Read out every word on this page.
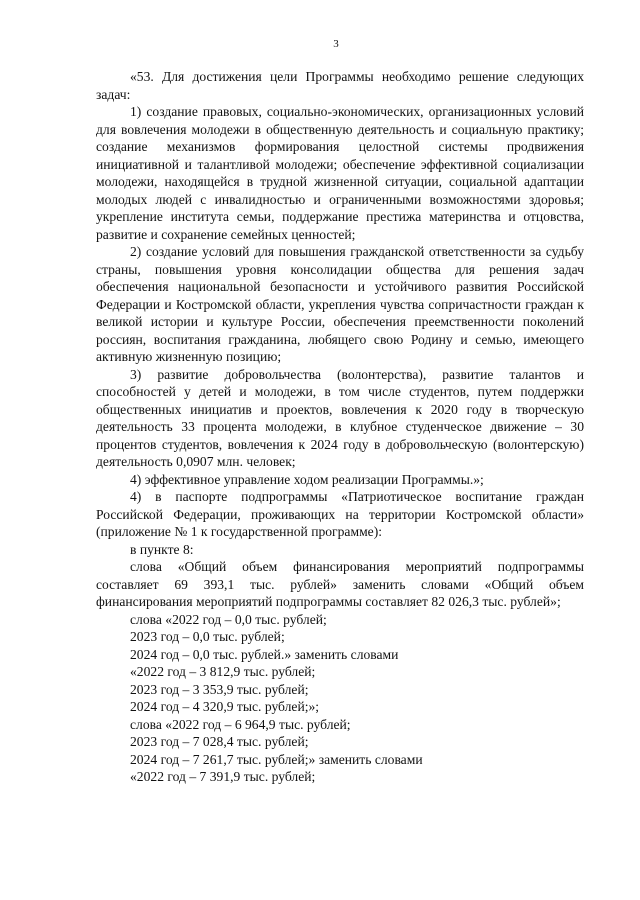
3

«53. Для достижения цели Программы необходимо решение следующих задач:

1) создание правовых, социально-экономических, организационных условий для вовлечения молодежи в общественную деятельность и социальную практику; создание механизмов формирования целостной системы продвижения инициативной и талантливой молодежи; обеспечение эффективной социализации молодежи, находящейся в трудной жизненной ситуации, социальной адаптации молодых людей с инвалидностью и ограниченными возможностями здоровья; укрепление института семьи, поддержание престижа материнства и отцовства, развитие и сохранение семейных ценностей;

2) создание условий для повышения гражданской ответственности за судьбу страны, повышения уровня консолидации общества для решения задач обеспечения национальной безопасности и устойчивого развития Российской Федерации и Костромской области, укрепления чувства сопричастности граждан к великой истории и культуре России, обеспечения преемственности поколений россиян, воспитания гражданина, любящего свою Родину и семью, имеющего активную жизненную позицию;

3) развитие добровольчества (волонтерства), развитие талантов и способностей у детей и молодежи, в том числе студентов, путем поддержки общественных инициатив и проектов, вовлечения к 2020 году в творческую деятельность 33 процента молодежи, в клубное студенческое движение – 30 процентов студентов, вовлечения к 2024 году в добровольческую (волонтерскую) деятельность 0,0907 млн. человек;

4) эффективное управление ходом реализации Программы.»;

4) в паспорте подпрограммы «Патриотическое воспитание граждан Российской Федерации, проживающих на территории Костромской области» (приложение № 1 к государственной программе):

в пункте 8:

слова «Общий объем финансирования мероприятий подпрограммы составляет 69 393,1 тыс. рублей» заменить словами «Общий объем финансирования мероприятий подпрограммы составляет 82 026,3 тыс. рублей»;

слова «2022 год – 0,0 тыс. рублей;

2023 год – 0,0 тыс. рублей;

2024 год – 0,0 тыс. рублей.» заменить словами

«2022 год – 3 812,9 тыс. рублей;

2023 год – 3 353,9 тыс. рублей;

2024 год – 4 320,9 тыс. рублей;»;

слова «2022 год – 6 964,9 тыс. рублей;

2023 год – 7 028,4 тыс. рублей;

2024 год – 7 261,7 тыс. рублей;» заменить словами

«2022 год – 7 391,9 тыс. рублей;
